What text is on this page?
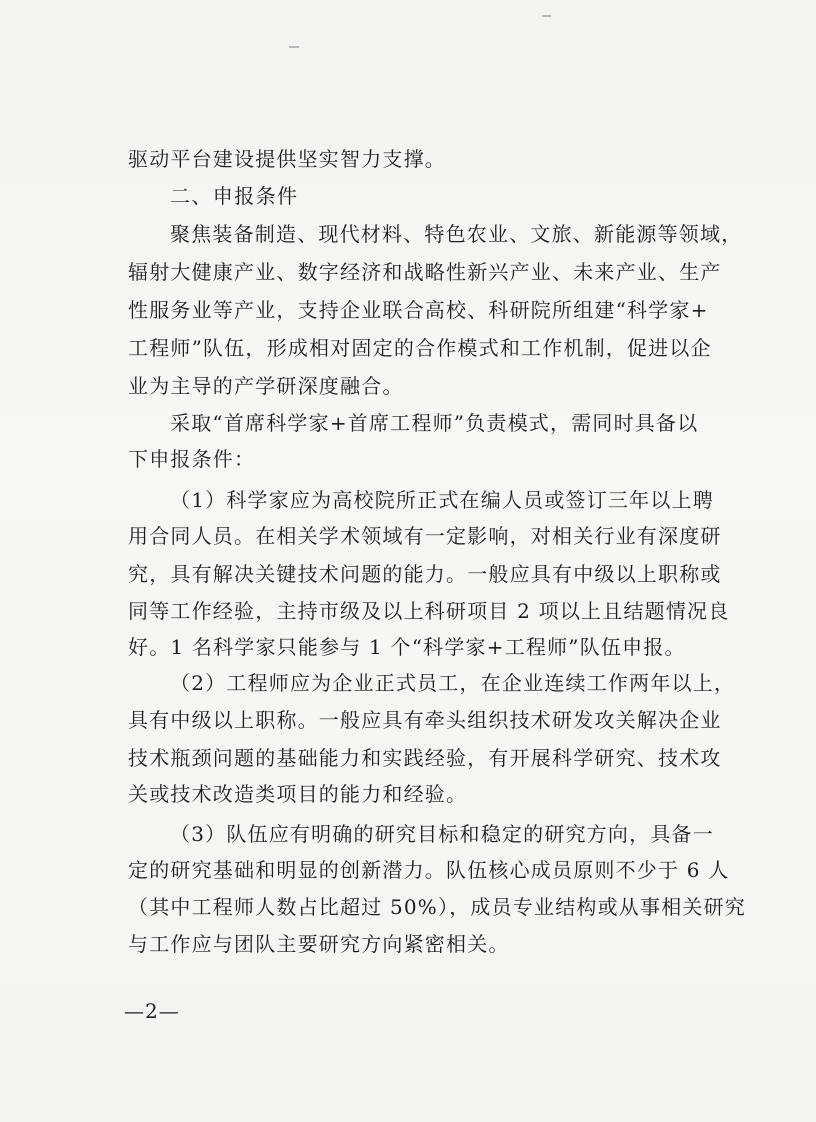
驱动平台建设提供坚实智力支撑。

二、申报条件

聚焦装备制造、现代材料、特色农业、文旅、新能源等领域，

辐射大健康产业、数字经济和战略性新兴产业、未来产业、生产

性服务业等产业，支持企业联合高校、科研院所组建“科学家+

工程师”队伍，形成相对固定的合作模式和工作机制，促进以企

业为主导的产学研深度融合。

采取“首席科学家+首席工程师”负责模式，需同时具备以

下申报条件：

（1）科学家应为高校院所正式在编人员或签订三年以上聘

用合同人员。在相关学术领域有一定影响，对相关行业有深度研

究，具有解决关键技术问题的能力。一般应具有中级以上职称或

同等工作经验，主持市级及以上科研项目 2 项以上且结题情况良

好。1 名科学家只能参与 1 个“科学家+工程师”队伍申报。

（2）工程师应为企业正式员工，在企业连续工作两年以上，

具有中级以上职称。一般应具有牵头组织技术研发攻关解决企业

技术瓶颈问题的基础能力和实践经验，有开展科学研究、技术攻

关或技术改造类项目的能力和经验。

（3）队伍应有明确的研究目标和稳定的研究方向，具备一

定的研究基础和明显的创新潜力。队伍核心成员原则不少于 6 人

（其中工程师人数占比超过 50%），成员专业结构或从事相关研究

与工作应与团队主要研究方向紧密相关。

—2—
